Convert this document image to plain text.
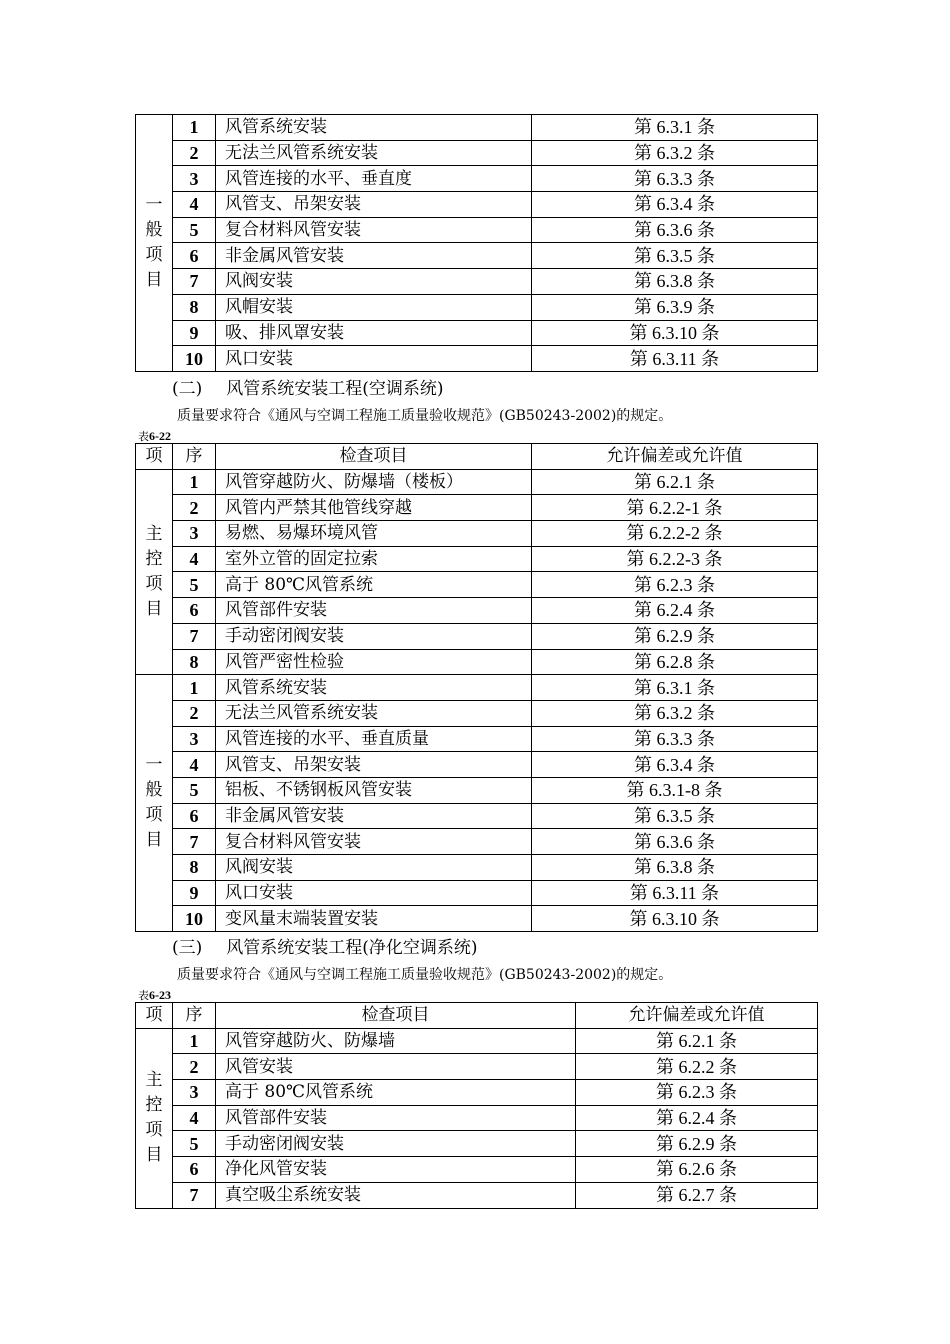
一
般
项
目	1	风管系统安装	第 6.3.1 条
	2	无法兰风管系统安装	第 6.3.2 条
	3	风管连接的水平、垂直度	第 6.3.3 条
	4	风管支、吊架安装	第 6.3.4 条
	5	复合材料风管安装	第 6.3.6 条
	6	非金属风管安装	第 6.3.5 条
	7	风阀安装	第 6.3.8 条
	8	风帽安装	第 6.3.9 条
	9	吸、排风罩安装	第 6.3.10 条
	10	风口安装	第 6.3.11 条
(二) 风管系统安装工程(空调系统)
质量要求符合《通风与空调工程施工质量验收规范》(GB50243-2002)的规定。
表6-22
项	序	检查项目	允许偏差或允许值

主
控
项
目	1	风管穿越防火、防爆墙（楼板）	第 6.2.1 条
	2	风管内严禁其他管线穿越	第 6.2.2-1 条
	3	易燃、易爆环境风管	第 6.2.2-2 条
	4	室外立管的固定拉索	第 6.2.2-3 条
	5	高于 80℃风管系统	第 6.2.3 条
	6	风管部件安装	第 6.2.4 条
	7	手动密闭阀安装	第 6.2.9 条
	8	风管严密性检验	第 6.2.8 条

一
般
项
目	1	风管系统安装	第 6.3.1 条
	2	无法兰风管系统安装	第 6.3.2 条
	3	风管连接的水平、垂直质量	第 6.3.3 条
	4	风管支、吊架安装	第 6.3.4 条
	5	铝板、不锈钢板风管安装	第 6.3.1-8 条
	6	非金属风管安装	第 6.3.5 条
	7	复合材料风管安装	第 6.3.6 条
	8	风阀安装	第 6.3.8 条
	9	风口安装	第 6.3.11 条
	10	变风量末端装置安装	第 6.3.10 条
(三) 风管系统安装工程(净化空调系统)
质量要求符合《通风与空调工程施工质量验收规范》(GB50243-2002)的规定。
表6-23
项	序	检查项目	允许偏差或允许值

主
控
项
目	1	风管穿越防火、防爆墙	第 6.2.1 条
	2	风管安装	第 6.2.2 条
	3	高于 80℃风管系统	第 6.2.3 条
	4	风管部件安装	第 6.2.4 条
	5	手动密闭阀安装	第 6.2.9 条
	6	净化风管安装	第 6.2.6 条
	7	真空吸尘系统安装	第 6.2.7 条
